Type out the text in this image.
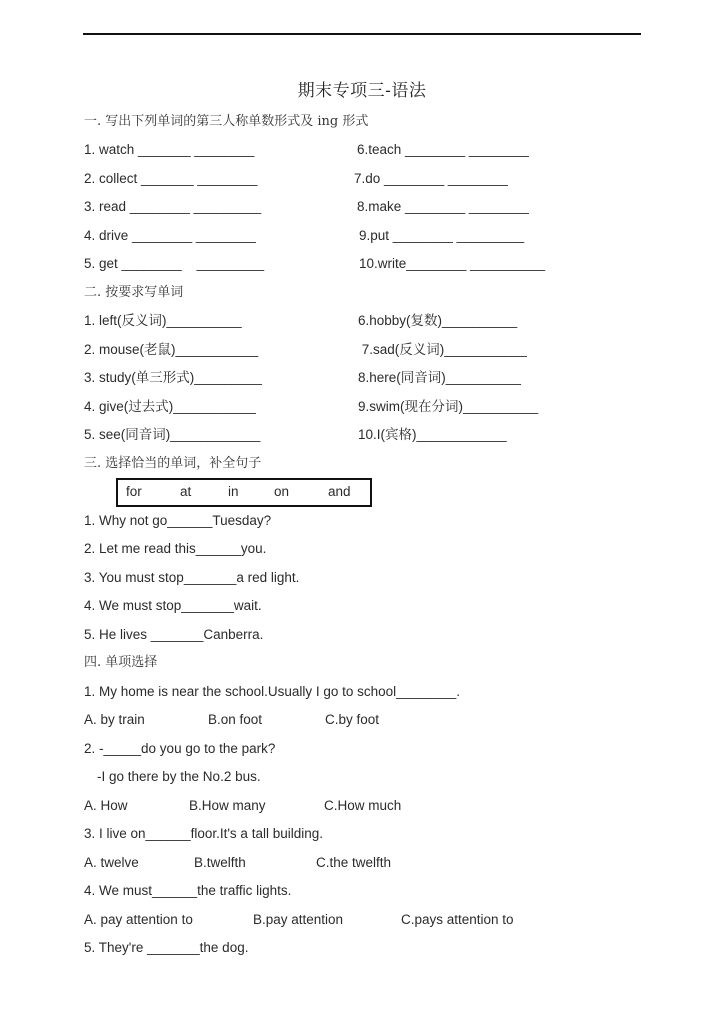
期末专项三-语法
一. 写出下列单词的第三人称单数形式及 ing 形式
1. watch _______ ________
2. collect _______ ________
3. read ________ _________
4. drive ________ ________
5. get ________    _________
6.teach ________ ________
7.do ________ ________
8.make ________ ________
9.put ________ _________
10.write________ __________
二. 按要求写单词
1. left(反义词)__________
2. mouse(老鼠)___________
3. study(单三形式)_________
4. give(过去式)___________
5. see(同音词)____________
6.hobby(复数)__________
7.sad(反义词)___________
8.here(同音词)__________
9.swim(现在分词)__________
10.I(宾格)____________
三. 选择恰当的单词，补全句子
for	at	in	on	and
1. Why not go______Tuesday?
2. Let me read this______you.
3. You must stop_______a red light.
4. We must stop_______wait.
5. He lives _______Canberra.
四. 单项选择
1. My home is near the school.Usually I go to school________.
A. by train	B.on foot	C.by foot
2. -_____do you go to the park?
-I go there by the No.2 bus.
A. How	B.How many	C.How much
3. I live on______floor.It's a tall building.
A. twelve	B.twelfth	C.the twelfth
4. We must______the traffic lights.
A. pay attention to	B.pay attention	C.pays attention to
5. They're _______the dog.
